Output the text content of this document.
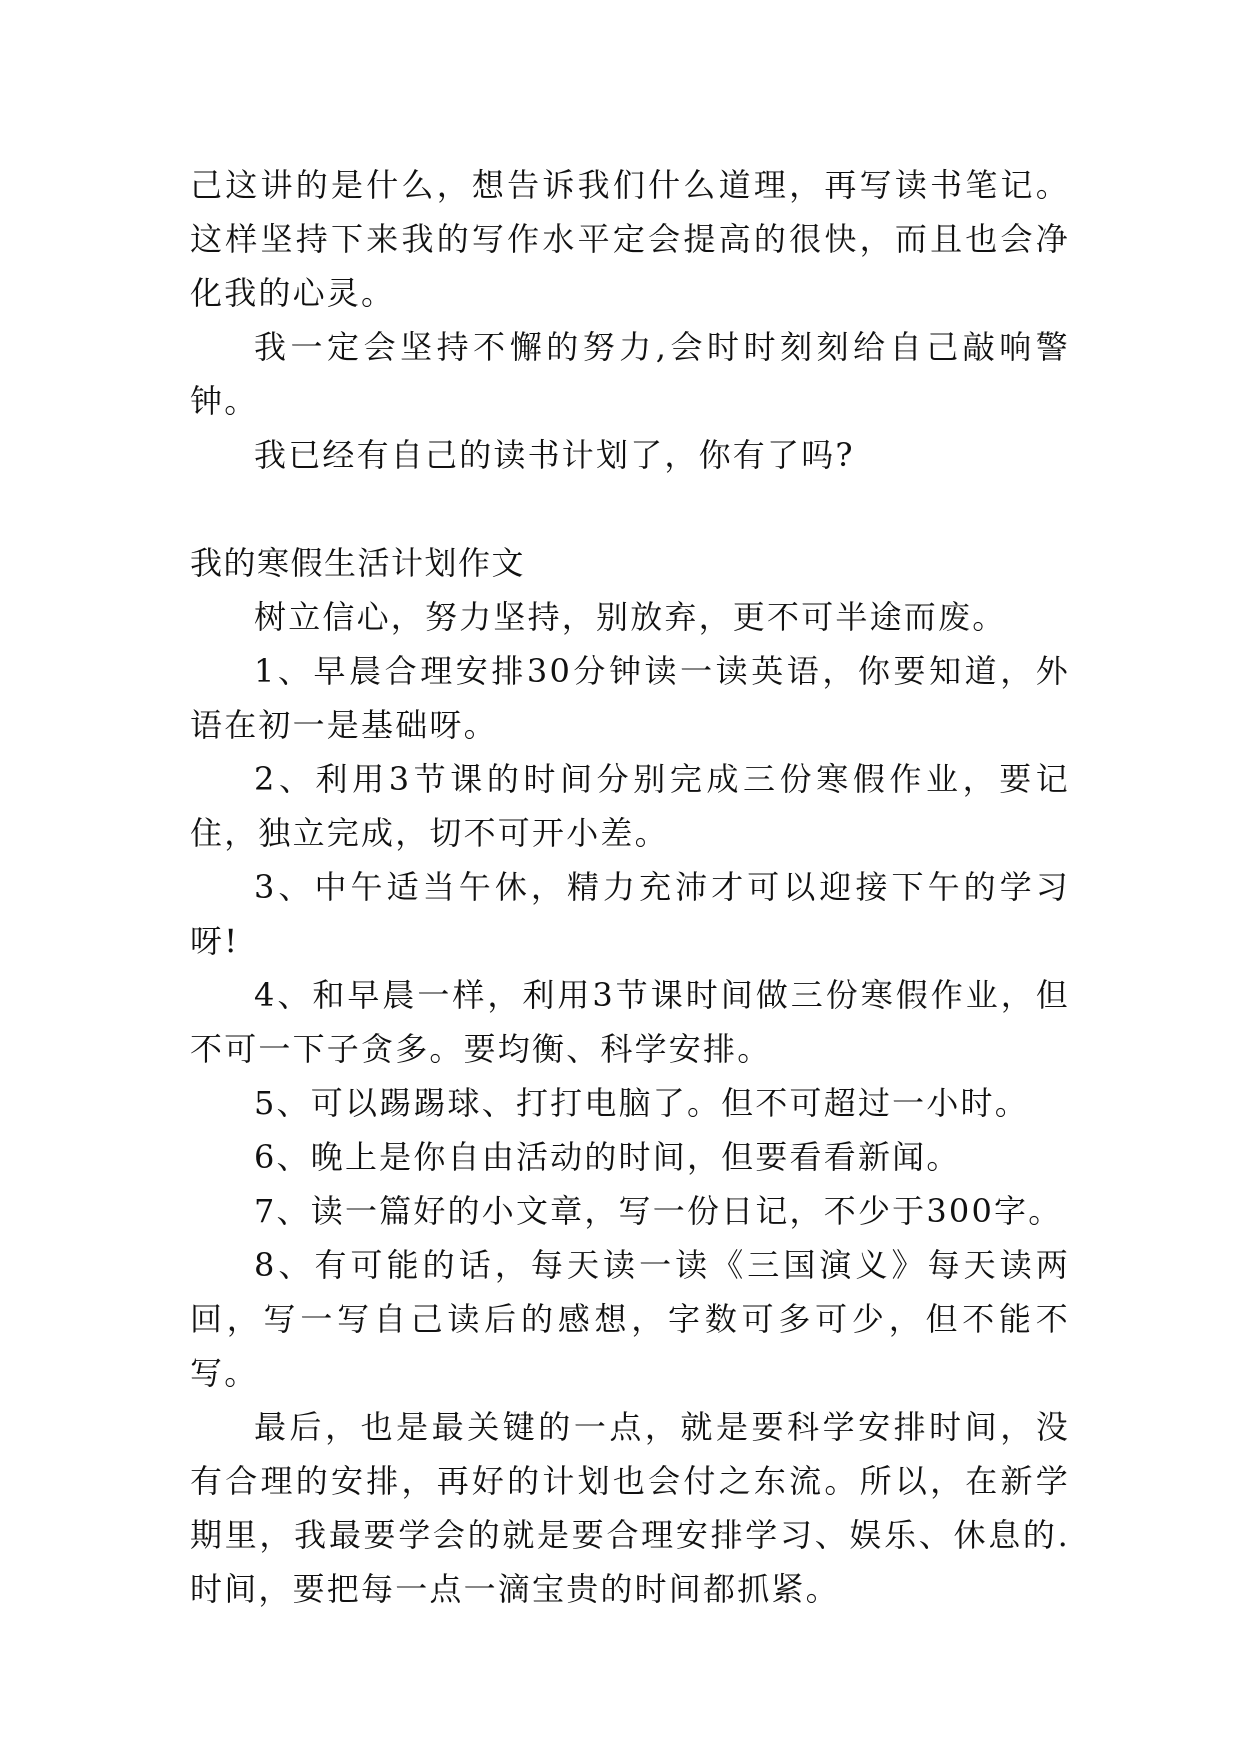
己这讲的是什么，想告诉我们什么道理，再写读书笔记。这样坚持下来我的写作水平定会提高的很快，而且也会净化我的心灵。

我一定会坚持不懈的努力,会时时刻刻给自己敲响警钟。

我已经有自己的读书计划了，你有了吗?

我的寒假生活计划作文

树立信心，努力坚持，别放弃，更不可半途而废。

1、早晨合理安排30分钟读一读英语，你要知道，外语在初一是基础呀。

2、利用3节课的时间分别完成三份寒假作业，要记住，独立完成，切不可开小差。

3、中午适当午休，精力充沛才可以迎接下午的学习呀!

4、和早晨一样，利用3节课时间做三份寒假作业，但不可一下子贪多。要均衡、科学安排。

5、可以踢踢球、打打电脑了。但不可超过一小时。

6、晚上是你自由活动的时间，但要看看新闻。

7、读一篇好的小文章，写一份日记，不少于300字。

8、有可能的话，每天读一读《三国演义》每天读两回，写一写自己读后的感想，字数可多可少，但不能不写。

最后，也是最关键的一点，就是要科学安排时间，没有合理的安排，再好的计划也会付之东流。所以，在新学期里，我最要学会的就是要合理安排学习、娱乐、休息的.时间，要把每一点一滴宝贵的时间都抓紧。
